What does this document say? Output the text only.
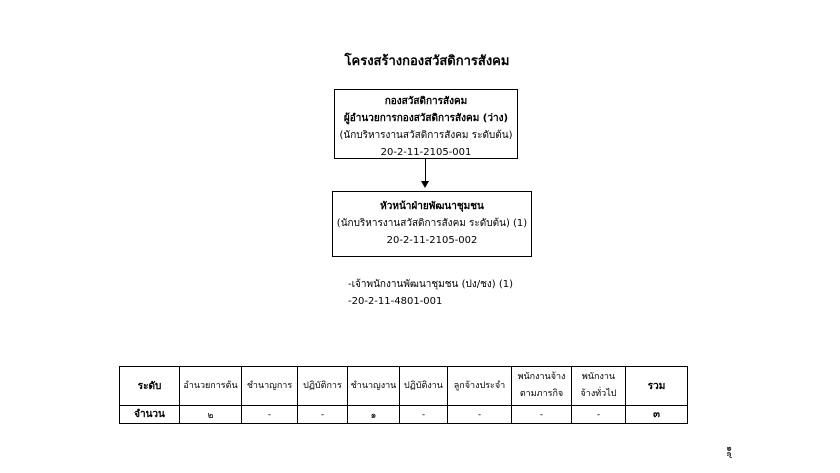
โครงสร้างกองสวัสดิการสังคม
กองสวัสดิการสังคม
ผู้อำนวยการกองสวัสดิการสังคม (ว่าง)
(นักบริหารงานสวัสดิการสังคม ระดับต้น)
20-2-11-2105-001
หัวหน้าฝ่ายพัฒนาชุมชน
(นักบริหารงานสวัสดิการสังคม ระดับต้น) (1)
20-2-11-2105-002
-เจ้าพนักงานพัฒนาชุมชน (ปง/ชง) (1)
-20-2-11-4801-001
ระดับ	อำนวยการต้น	ชำนาญการ	ปฏิบัติการ	ชำนาญงาน	ปฏิบัติงาน	ลูกจ้างประจำ	พนักงานจ้าง ตามภารกิจ	พนักงาน จ้างทั่วไป	รวม
จำนวน	๒	-	-	๑	-	-	-	-	๓
๑๙
